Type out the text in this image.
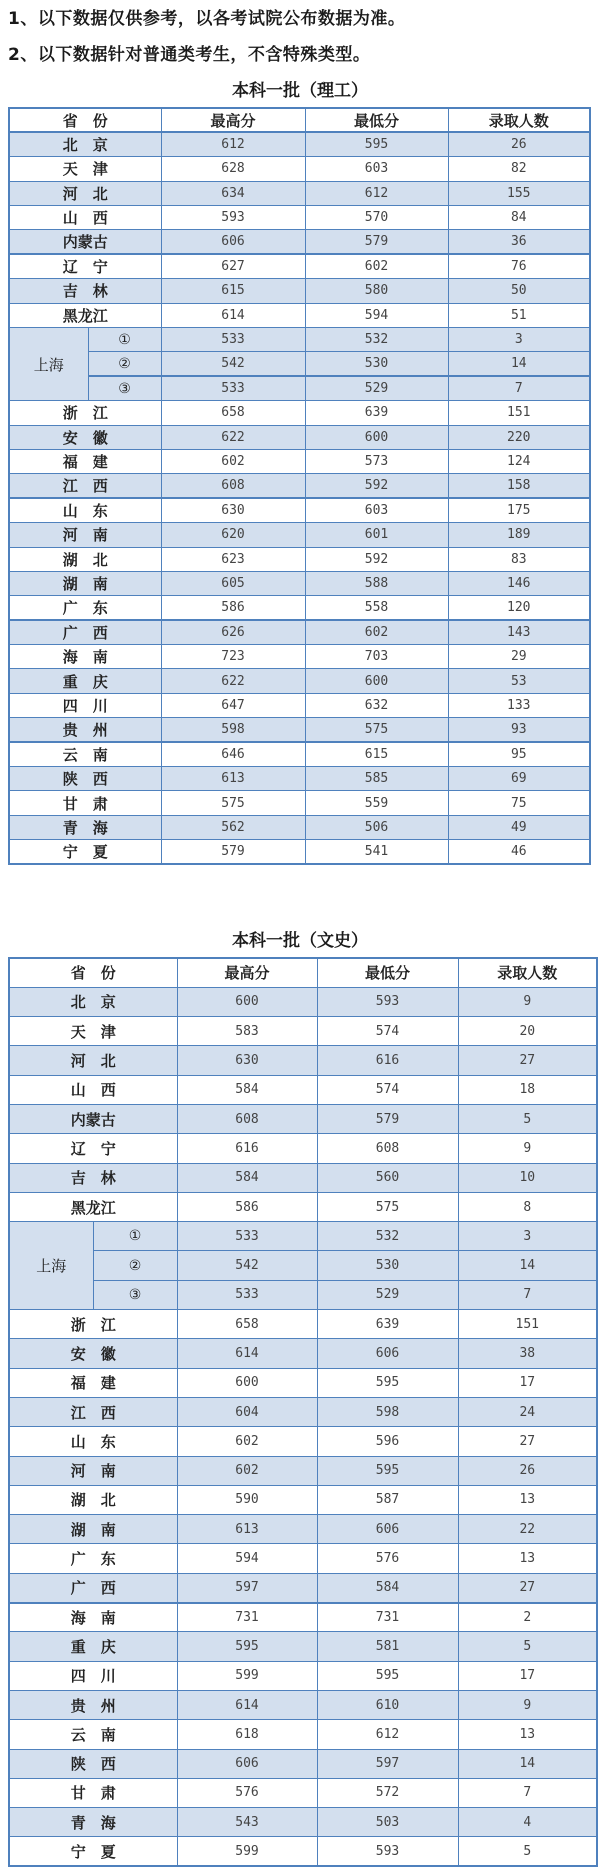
1、以下数据仅供参考，以各考试院公布数据为准。
2、以下数据针对普通类考生，不含特殊类型。
本科一批（理工）
省　份		最高分	最低分	录取人数
北　京		612	595	26
天　津		628	603	82
河　北		634	612	155
山　西		593	570	84
内蒙古		606	579	36
辽　宁		627	602	76
吉　林		615	580	50
黑龙江		614	594	51
上海	①	533	532	3
	②	542	530	14
	③	533	529	7
浙　江		658	639	151
安　徽		622	600	220
福　建		602	573	124
江　西		608	592	158
山　东		630	603	175
河　南		620	601	189
湖　北		623	592	83
湖　南		605	588	146
广　东		586	558	120
广　西		626	602	143
海　南		723	703	29
重　庆		622	600	53
四　川		647	632	133
贵　州		598	575	93
云　南		646	615	95
陕　西		613	585	69
甘　肃		575	559	75
青　海		562	506	49
宁　夏		579	541	46
本科一批（文史）
省　份		最高分	最低分	录取人数
北　京		600	593	9
天　津		583	574	20
河　北		630	616	27
山　西		584	574	18
内蒙古		608	579	5
辽　宁		616	608	9
吉　林		584	560	10
黑龙江		586	575	8
上海	①	533	532	3
	②	542	530	14
	③	533	529	7
浙　江		658	639	151
安　徽		614	606	38
福　建		600	595	17
江　西		604	598	24
山　东		602	596	27
河　南		602	595	26
湖　北		590	587	13
湖　南		613	606	22
广　东		594	576	13
广　西		597	584	27
海　南		731	731	2
重　庆		595	581	5
四　川		599	595	17
贵　州		614	610	9
云　南		618	612	13
陕　西		606	597	14
甘　肃		576	572	7
青　海		543	503	4
宁　夏		599	593	5
